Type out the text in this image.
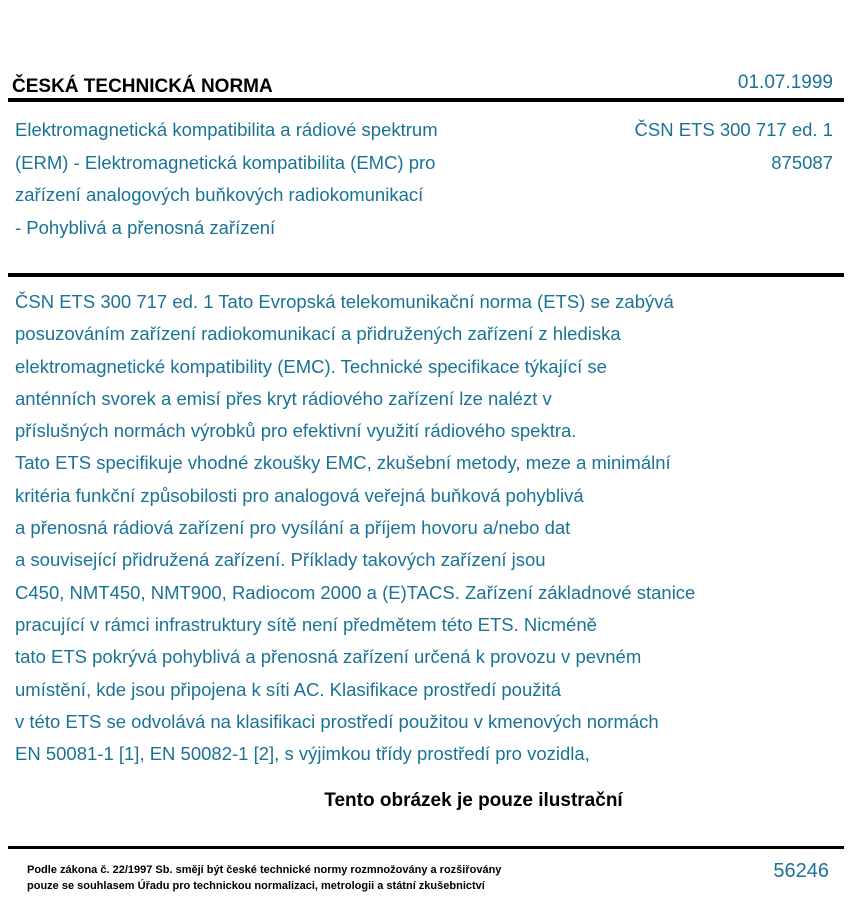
ČESKÁ TECHNICKÁ NORMA	01.07.1999
Elektromagnetická kompatibilita a rádiové spektrum
(ERM) - Elektromagnetická kompatibilita (EMC) pro
zařízení analogových buňkových radiokomunikací
- Pohyblivá a přenosná zařízení
ČSN ETS 300 717 ed. 1
875087
ČSN ETS 300 717 ed. 1 Tato Evropská telekomunikační norma (ETS) se zabývá
posuzováním zařízení radiokomunikací a přidružených zařízení z hlediska
elektromagnetické kompatibility (EMC). Technické specifikace týkající se
anténních svorek a emisí přes kryt rádiového zařízení lze nalézt v
příslušných normách výrobků pro efektivní využití rádiového spektra.
Tato ETS specifikuje vhodné zkoušky EMC, zkušební metody, meze a minimální
kritéria funkční způsobilosti pro analogová veřejná buňková pohyblivá
a přenosná rádiová zařízení pro vysílání a příjem hovoru a/nebo dat
a související přidružená zařízení. Příklady takových zařízení jsou
C450, NMT450, NMT900, Radiocom 2000 a (E)TACS. Zařízení základnové stanice
pracující v rámci infrastruktury sítě není předmětem této ETS. Nicméně
tato ETS pokrývá pohyblivá a přenosná zařízení určená k provozu v pevném
umístění, kde jsou připojena k síti AC. Klasifikace prostředí použitá
v této ETS se odvolává na klasifikaci prostředí použitou v kmenových normách
EN 50081-1 [1], EN 50082-1 [2], s výjimkou třídy prostředí pro vozidla,
Tento obrázek je pouze ilustrační
Podle zákona č. 22/1997 Sb. smějí být české technické normy rozmnožovány a rozšiřovány
pouze se souhlasem Úřadu pro technickou normalizaci, metrologii a státní zkušebnictví
56246
